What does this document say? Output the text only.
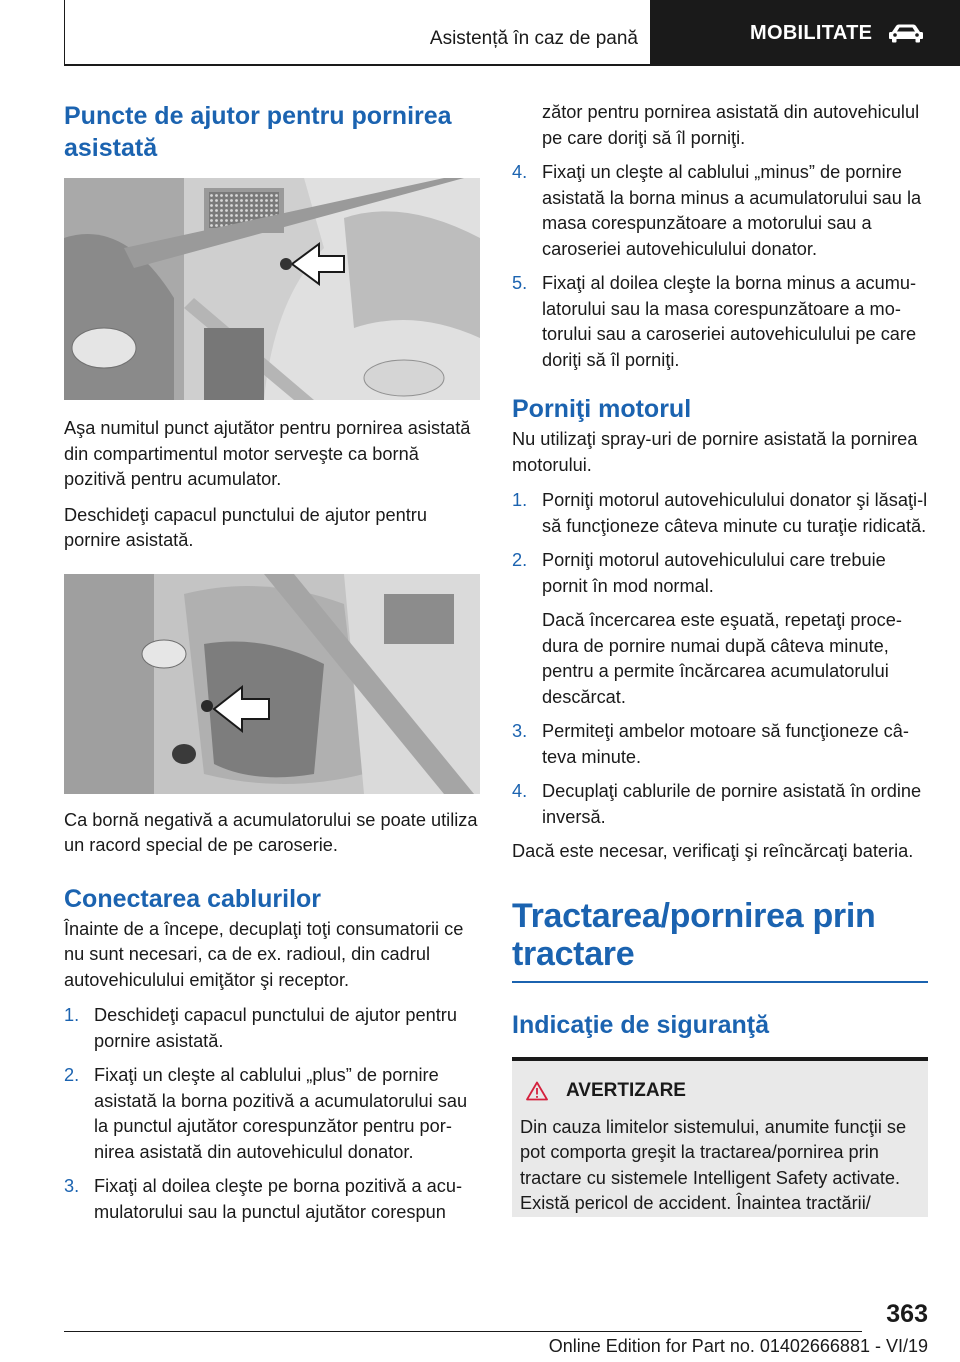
Asistență în caz de pană	MOBILITATE
Puncte de ajutor pentru pornirea asistată

Aşa numitul punct ajutător pentru pornirea asistată din compartimentul motor serveşte ca bornă pozitivă pentru acumulator.

Deschideţi capacul punctului de ajutor pentru pornire asistată.

Ca bornă negativă a acumulatorului se poate utiliza un racord special de pe caroserie.

Conectarea cablurilor

Înainte de a începe, decuplaţi toţi consumatorii ce nu sunt necesari, ca de ex. radioul, din cadrul autovehiculului emiţător şi receptor.

1. Deschideţi capacul punctului de ajutor pentru pornire asistată.
2. Fixaţi un cleşte al cablului „plus” de pornire asistată la borna pozitivă a acumulatorului sau la punctul ajutător corespunzător pentru pornirea asistată din autovehiculul donator.
3. Fixaţi al doilea cleşte pe borna pozitivă a acumulatorului sau la punctul ajutător corespun

zător pentru pornirea asistată din autovehiculul pe care doriţi să îl porniţi.

4. Fixaţi un cleşte al cablului „minus” de pornire asistată la borna minus a acumulatorului sau la masa corespunzătoare a motorului sau a caroseriei autovehiculului donator.
5. Fixaţi al doilea cleşte la borna minus a acumulatorului sau la masa corespunzătoare a motorului sau a caroseriei autovehiculului pe care doriţi să îl porniţi.
Porniţi motorul

Nu utilizaţi spray-uri de pornire asistată la pornirea motorului.

1. Porniţi motorul autovehiculului donator şi lăsaţi-l să funcţioneze câteva minute cu turaţie ridicată.
2. Porniţi motorul autovehiculului care trebuie pornit în mod normal.
Dacă încercarea este eşuată, repetaţi procedura de pornire numai după câteva minute, pentru a permite încărcarea acumulatorului descărcat.
3. Permiteţi ambelor motoare să funcţioneze câteva minute.
4. Decuplaţi cablurile de pornire asistată în ordine inversă.

Dacă este necesar, verificaţi şi reîncărcaţi bateria.

Tractarea/pornirea prin tractare
Indicaţie de siguranţă
AVERTIZARE

Din cauza limitelor sistemului, anumite funcţii se pot comporta greşit la tractarea/pornirea prin tractare cu sistemele Intelligent Safety activate. Există pericol de accident. Înaintea tractării/

363
Online Edition for Part no. 01402666881 - VI/19
